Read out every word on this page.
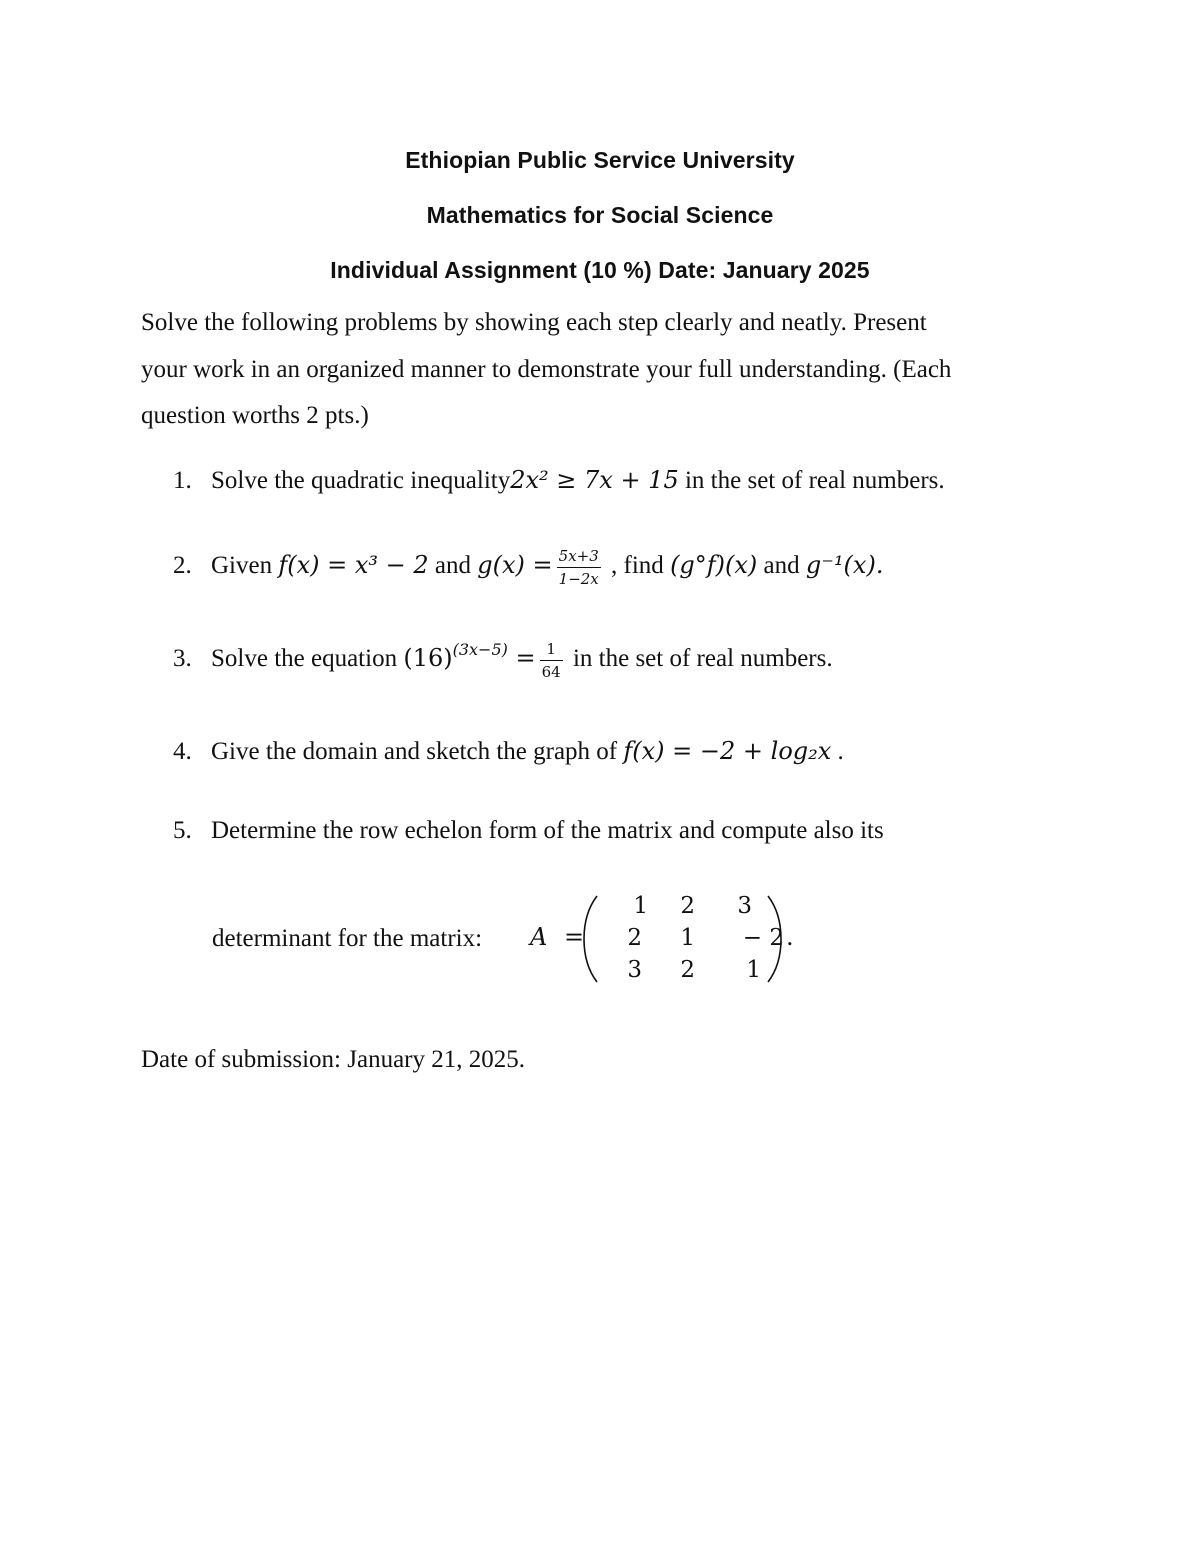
Ethiopian Public Service University
Mathematics for Social Science
Individual Assignment (10 %) Date: January 2025
Solve the following problems by showing each step clearly and neatly. Present
your work in an organized manner to demonstrate your full understanding. (Each
question worths 2 pts.)
1. Solve the quadratic inequality2x² ≥ 7x + 15 in the set of real numbers.
2. Given f(x) = x³ − 2 and $g(x) = \frac{5x+3}{1-2x}$ , find (g°f)(x) and g⁻¹(x).
3. Solve the equation $(16)^{(3x-5)} = \frac{1}{64}$ in the set of real numbers.
4. Give the domain and sketch the graph of f(x) = −2 + log₂x .
5. Determine the row echelon form of the matrix and compute also its
determinant for the matrix: A =
1	2	3
2	1	− 2
3	2	1
.
Date of submission: January 21, 2025.
